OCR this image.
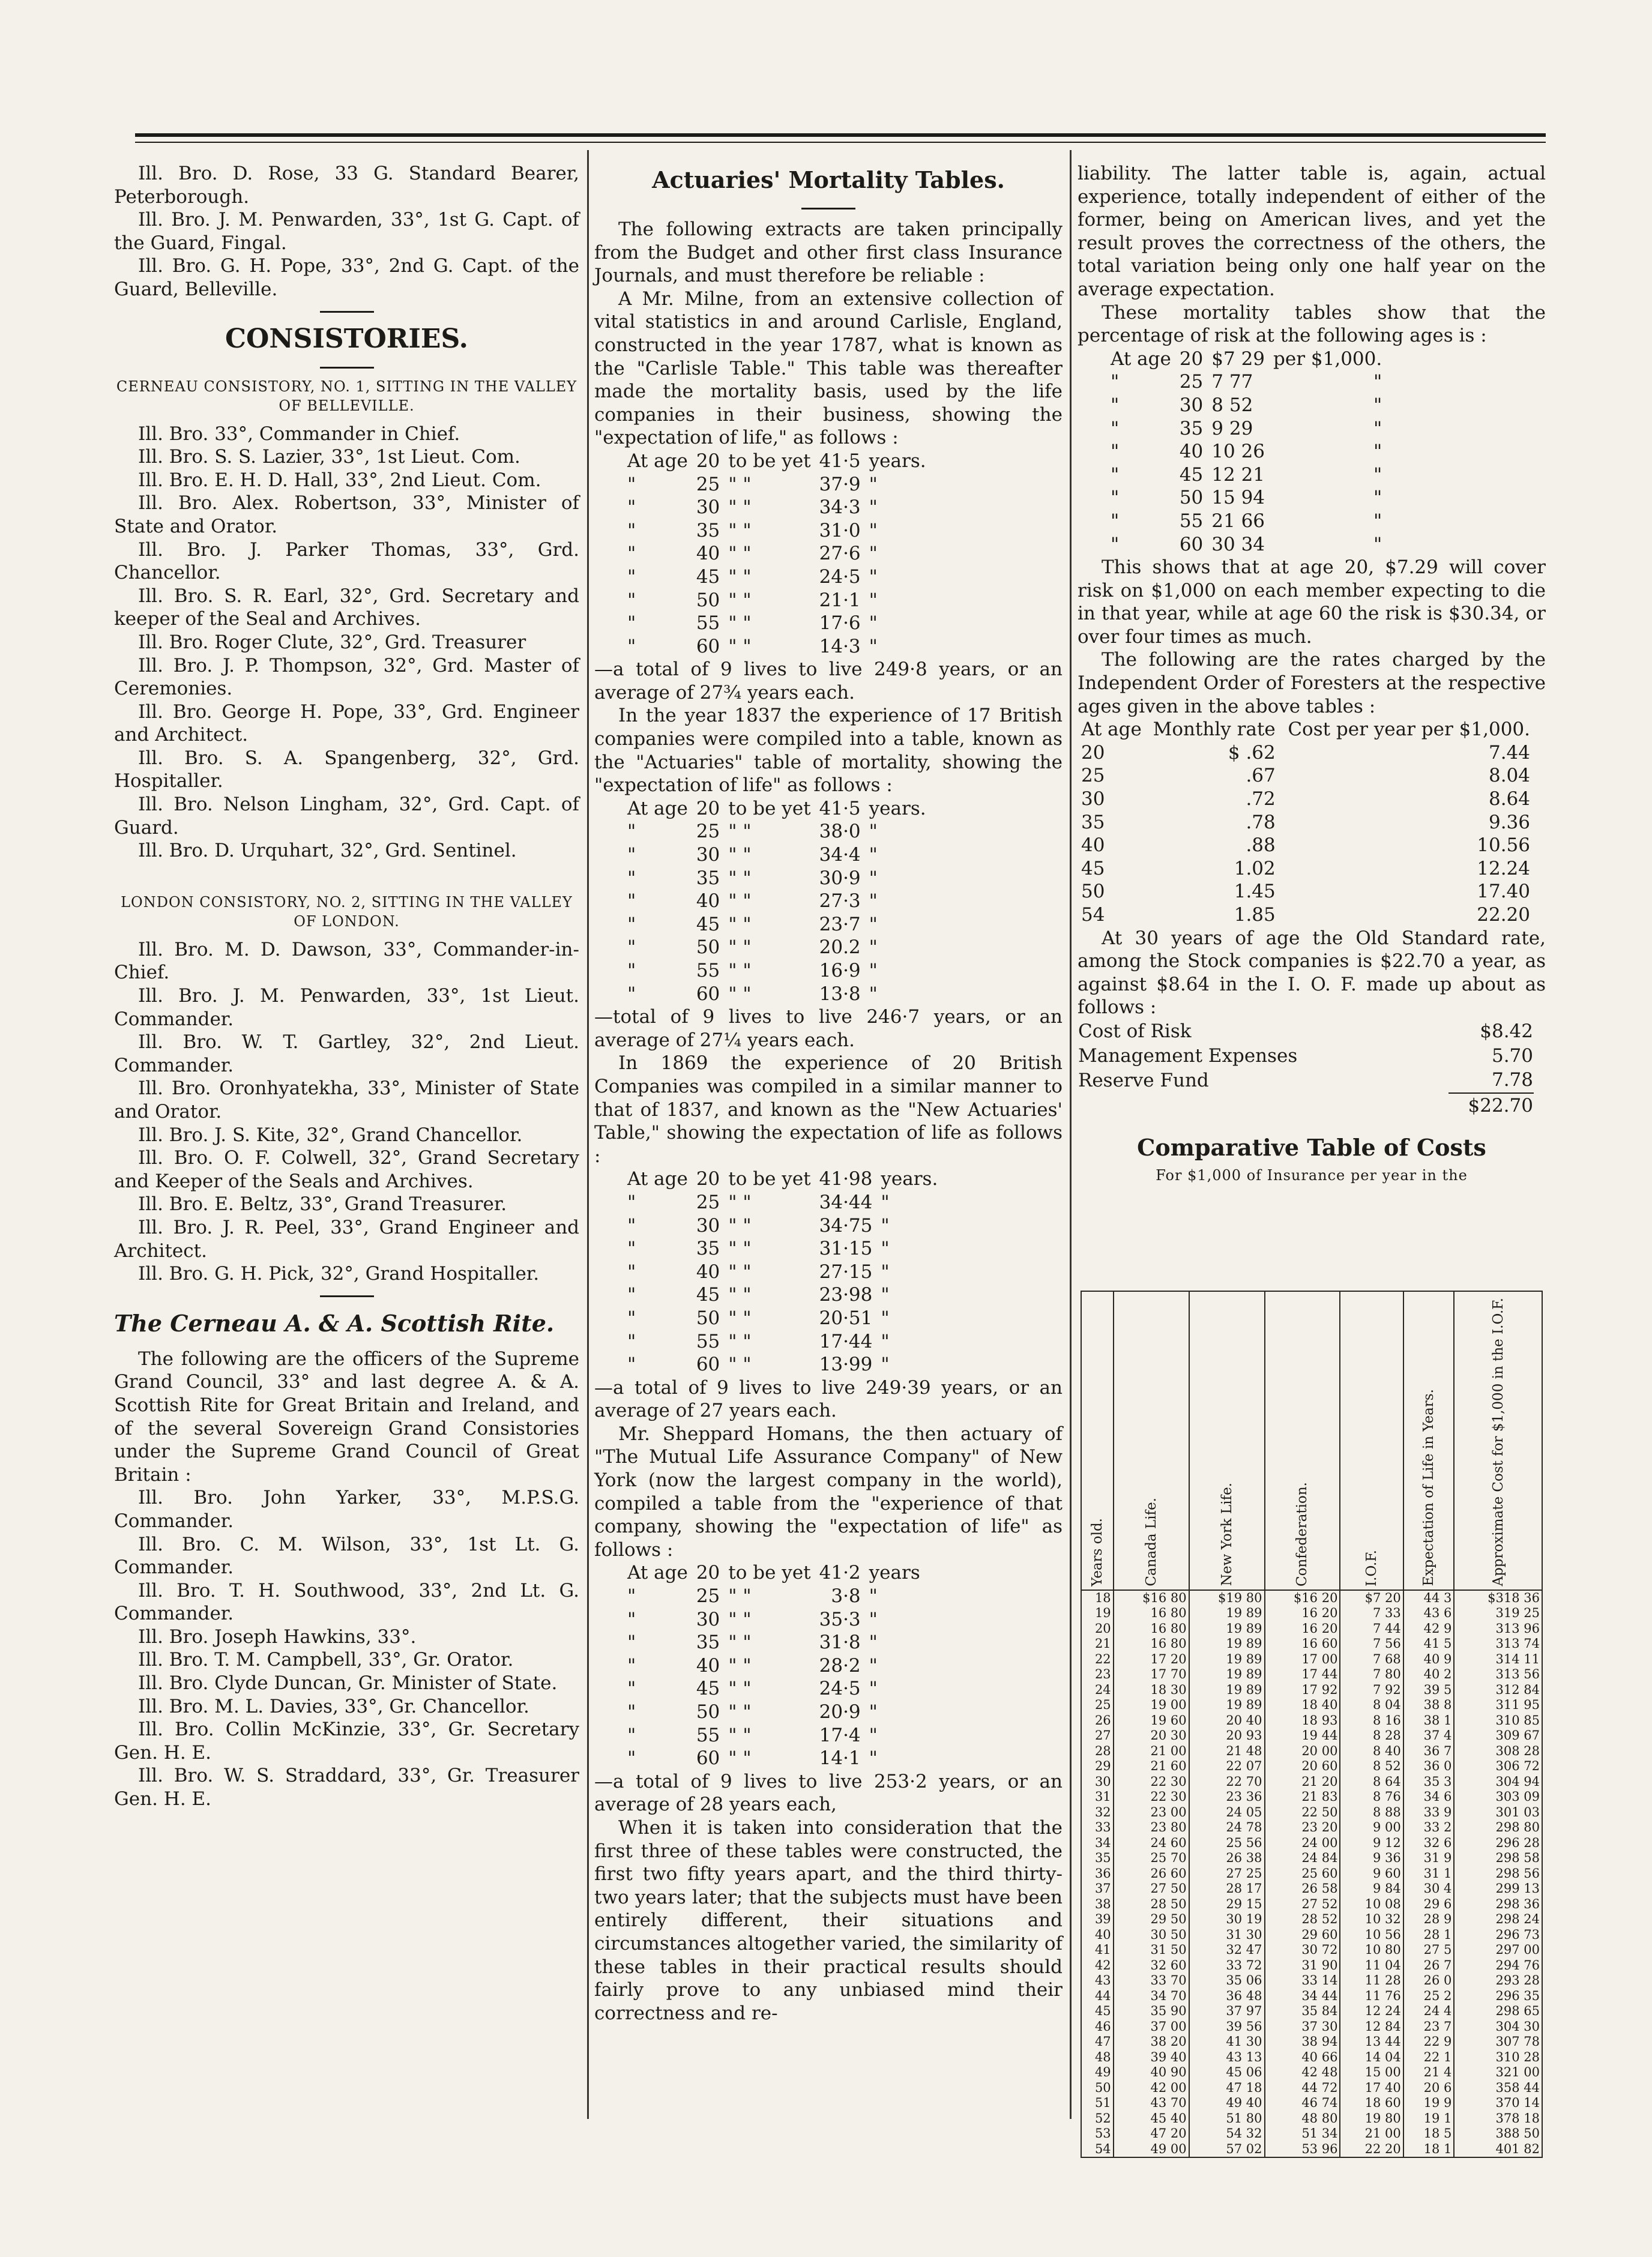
Ill. Bro. D. Rose, 33 G. Standard Bearer, Peterborough.

Ill. Bro. J. M. Penwarden, 33°, 1st G. Capt. of the Guard, Fingal.

Ill. Bro. G. H. Pope, 33°, 2nd G. Capt. of the Guard, Belleville.

CONSISTORIES.
CERNEAU CONSISTORY, NO. 1, SITTING IN THE VALLEY OF BELLEVILLE.

Ill. Bro. 33°, Commander in Chief.

Ill. Bro. S. S. Lazier, 33°, 1st Lieut. Com.

Ill. Bro. E. H. D. Hall, 33°, 2nd Lieut. Com.

Ill. Bro. Alex. Robertson, 33°, Minister of State and Orator.

Ill. Bro. J. Parker Thomas, 33°, Grd. Chancellor.

Ill. Bro. S. R. Earl, 32°, Grd. Secretary and keeper of the Seal and Archives.

Ill. Bro. Roger Clute, 32°, Grd. Treasurer

Ill. Bro. J. P. Thompson, 32°, Grd. Master of Ceremonies.

Ill. Bro. George H. Pope, 33°, Grd. Engineer and Architect.

Ill. Bro. S. A. Spangenberg, 32°, Grd. Hospitaller.

Ill. Bro. Nelson Lingham, 32°, Grd. Capt. of Guard.

Ill. Bro. D. Urquhart, 32°, Grd. Sentinel.

LONDON CONSISTORY, NO. 2, SITTING IN THE VALLEY OF LONDON.

Ill. Bro. M. D. Dawson, 33°, Commander-in-Chief.

Ill. Bro. J. M. Penwarden, 33°, 1st Lieut. Commander.

Ill. Bro. W. T. Gartley, 32°, 2nd Lieut. Commander.

Ill. Bro. Oronhyatekha, 33°, Minister of State and Orator.

Ill. Bro. J. S. Kite, 32°, Grand Chancellor.

Ill. Bro. O. F. Colwell, 32°, Grand Secretary and Keeper of the Seals and Archives.

Ill. Bro. E. Beltz, 33°, Grand Treasurer.

Ill. Bro. J. R. Peel, 33°, Grand Engineer and Architect.

Ill. Bro. G. H. Pick, 32°, Grand Hospitaller.

The Cerneau A. & A. Scottish Rite.

The following are the officers of the Supreme Grand Council, 33° and last degree A. & A. Scottish Rite for Great Britain and Ireland, and of the several Sovereign Grand Consistories under the Supreme Grand Council of Great Britain :

Ill. Bro. John Yarker, 33°, M.P.S.G. Commander.

Ill. Bro. C. M. Wilson, 33°, 1st Lt. G. Commander.

Ill. Bro. T. H. Southwood, 33°, 2nd Lt. G. Commander.

Ill. Bro. Joseph Hawkins, 33°.

Ill. Bro. T. M. Campbell, 33°, Gr. Orator.

Ill. Bro. Clyde Duncan, Gr. Minister of State.

Ill. Bro. M. L. Davies, 33°, Gr. Chancellor.

Ill. Bro. Collin McKinzie, 33°, Gr. Secretary Gen. H. E.

Ill. Bro. W. S. Straddard, 33°, Gr. Treasurer Gen. H. E.

Actuaries' Mortality Tables.

The following extracts are taken principally from the Budget and other first class Insurance Journals, and must therefore be reliable :

A Mr. Milne, from an extensive collection of vital statistics in and around Carlisle, England, constructed in the year 1787, what is known as the "Carlisle Table." This table was thereafter made the mortality basis, used by the life companies in their business, showing the "expectation of life," as follows :

At age	20	to be yet	41·5	years.
"	25	" "	37·9	"
"	30	" "	34·3	"
"	35	" "	31·0	"
"	40	" "	27·6	"
"	45	" "	24·5	"
"	50	" "	21·1	"
"	55	" "	17·6	"
"	60	" "	14·3	"

—a total of 9 lives to live 249·8 years, or an average of 27¾ years each.

In the year 1837 the experience of 17 British companies were compiled into a table, known as the "Actuaries" table of mortality, showing the "expectation of life" as follows :

At age	20	to be yet	41·5	years.
"	25	" "	38·0	"
"	30	" "	34·4	"
"	35	" "	30·9	"
"	40	" "	27·3	"
"	45	" "	23·7	"
"	50	" "	20.2	"
"	55	" "	16·9	"
"	60	" "	13·8	"

—total of 9 lives to live 246·7 years, or an average of 27¼ years each.

In 1869 the experience of 20 British Companies was compiled in a similar manner to that of 1837, and known as the "New Actuaries' Table," showing the expectation of life as follows :

At age	20	to be yet	41·98	years.
"	25	" "	34·44	"
"	30	" "	34·75	"
"	35	" "	31·15	"
"	40	" "	27·15	"
"	45	" "	23·98	"
"	50	" "	20·51	"
"	55	" "	17·44	"
"	60	" "	13·99	"

—a total of 9 lives to live 249·39 years, or an average of 27 years each.

Mr. Sheppard Homans, the then actuary of "The Mutual Life Assurance Company" of New York (now the largest company in the world), compiled a table from the "experience of that company, showing the "expectation of life" as follows :

At age	20	to be yet	41·2	years
"	25	" "	3·8	"
"	30	" "	35·3	"
"	35	" "	31·8	"
"	40	" "	28·2	"
"	45	" "	24·5	"
"	50	" "	20·9	"
"	55	" "	17·4	"
"	60	" "	14·1	"

—a total of 9 lives to live 253·2 years, or an average of 28 years each,

When it is taken into consideration that the first three of these tables were constructed, the first two fifty years apart, and the third thirty-two years later; that the subjects must have been entirely different, their situations and circumstances altogether varied, the similarity of these tables in their practical results should fairly prove to any unbiased mind their correctness and re-

liability. The latter table is, again, actual experience, totally independent of either of the former, being on American lives, and yet the result proves the correctness of the others, the total variation being only one half year on the average expectation.

These mortality tables show that the percentage of risk at the following ages is :

At age	20	$7 29	per $1,000.
"	25	7 77	"
"	30	8 52	"
"	35	9 29	"
"	40	10 26	"
"	45	12 21	"
"	50	15 94	"
"	55	21 66	"
"	60	30 34	"

This shows that at age 20, $7.29 will cover risk on $1,000 on each member expecting to die in that year, while at age 60 the risk is $30.34, or over four times as much.

The following are the rates charged by the Independent Order of Foresters at the respective ages given in the above tables :

At age	Monthly rate	Cost per year per $1,000.
20	$ .62	7.44
25	.67	8.04
30	.72	8.64
35	.78	9.36
40	.88	10.56
45	1.02	12.24
50	1.45	17.40
54	1.85	22.20

At 30 years of age the Old Standard rate, among the Stock companies is $22.70 a year, as against $8.64 in the I. O. F. made up about as follows :

Cost of Risk	$8.42
Management Expenses	5.70
Reserve Fund	7.78
	$22.70
Comparative Table of Costs
For $1,000 of Insurance per year in the
Years old.	Canada Life.	New York Life.	Confederation.	I.O.F.	Expectation of Life in Years.	Approximate Cost for $1,000 in the I.O.F.
18	$16 80	$19 80	$16 20	$7 20	44 3	$318 36
19	16 80	19 89	16 20	7 33	43 6	319 25
20	16 80	19 89	16 20	7 44	42 9	313 96
21	16 80	19 89	16 60	7 56	41 5	313 74
22	17 20	19 89	17 00	7 68	40 9	314 11
23	17 70	19 89	17 44	7 80	40 2	313 56
24	18 30	19 89	17 92	7 92	39 5	312 84
25	19 00	19 89	18 40	8 04	38 8	311 95
26	19 60	20 40	18 93	8 16	38 1	310 85
27	20 30	20 93	19 44	8 28	37 4	309 67
28	21 00	21 48	20 00	8 40	36 7	308 28
29	21 60	22 07	20 60	8 52	36 0	306 72
30	22 30	22 70	21 20	8 64	35 3	304 94
31	22 30	23 36	21 83	8 76	34 6	303 09
32	23 00	24 05	22 50	8 88	33 9	301 03
33	23 80	24 78	23 20	9 00	33 2	298 80
34	24 60	25 56	24 00	9 12	32 6	296 28
35	25 70	26 38	24 84	9 36	31 9	298 58
36	26 60	27 25	25 60	9 60	31 1	298 56
37	27 50	28 17	26 58	9 84	30 4	299 13
38	28 50	29 15	27 52	10 08	29 6	298 36
39	29 50	30 19	28 52	10 32	28 9	298 24
40	30 50	31 30	29 60	10 56	28 1	296 73
41	31 50	32 47	30 72	10 80	27 5	297 00
42	32 60	33 72	31 90	11 04	26 7	294 76
43	33 70	35 06	33 14	11 28	26 0	293 28
44	34 70	36 48	34 44	11 76	25 2	296 35
45	35 90	37 97	35 84	12 24	24 4	298 65
46	37 00	39 56	37 30	12 84	23 7	304 30
47	38 20	41 30	38 94	13 44	22 9	307 78
48	39 40	43 13	40 66	14 04	22 1	310 28
49	40 90	45 06	42 48	15 00	21 4	321 00
50	42 00	47 18	44 72	17 40	20 6	358 44
51	43 70	49 40	46 74	18 60	19 9	370 14
52	45 40	51 80	48 80	19 80	19 1	378 18
53	47 20	54 32	51 34	21 00	18 5	388 50
54	49 00	57 02	53 96	22 20	18 1	401 82
